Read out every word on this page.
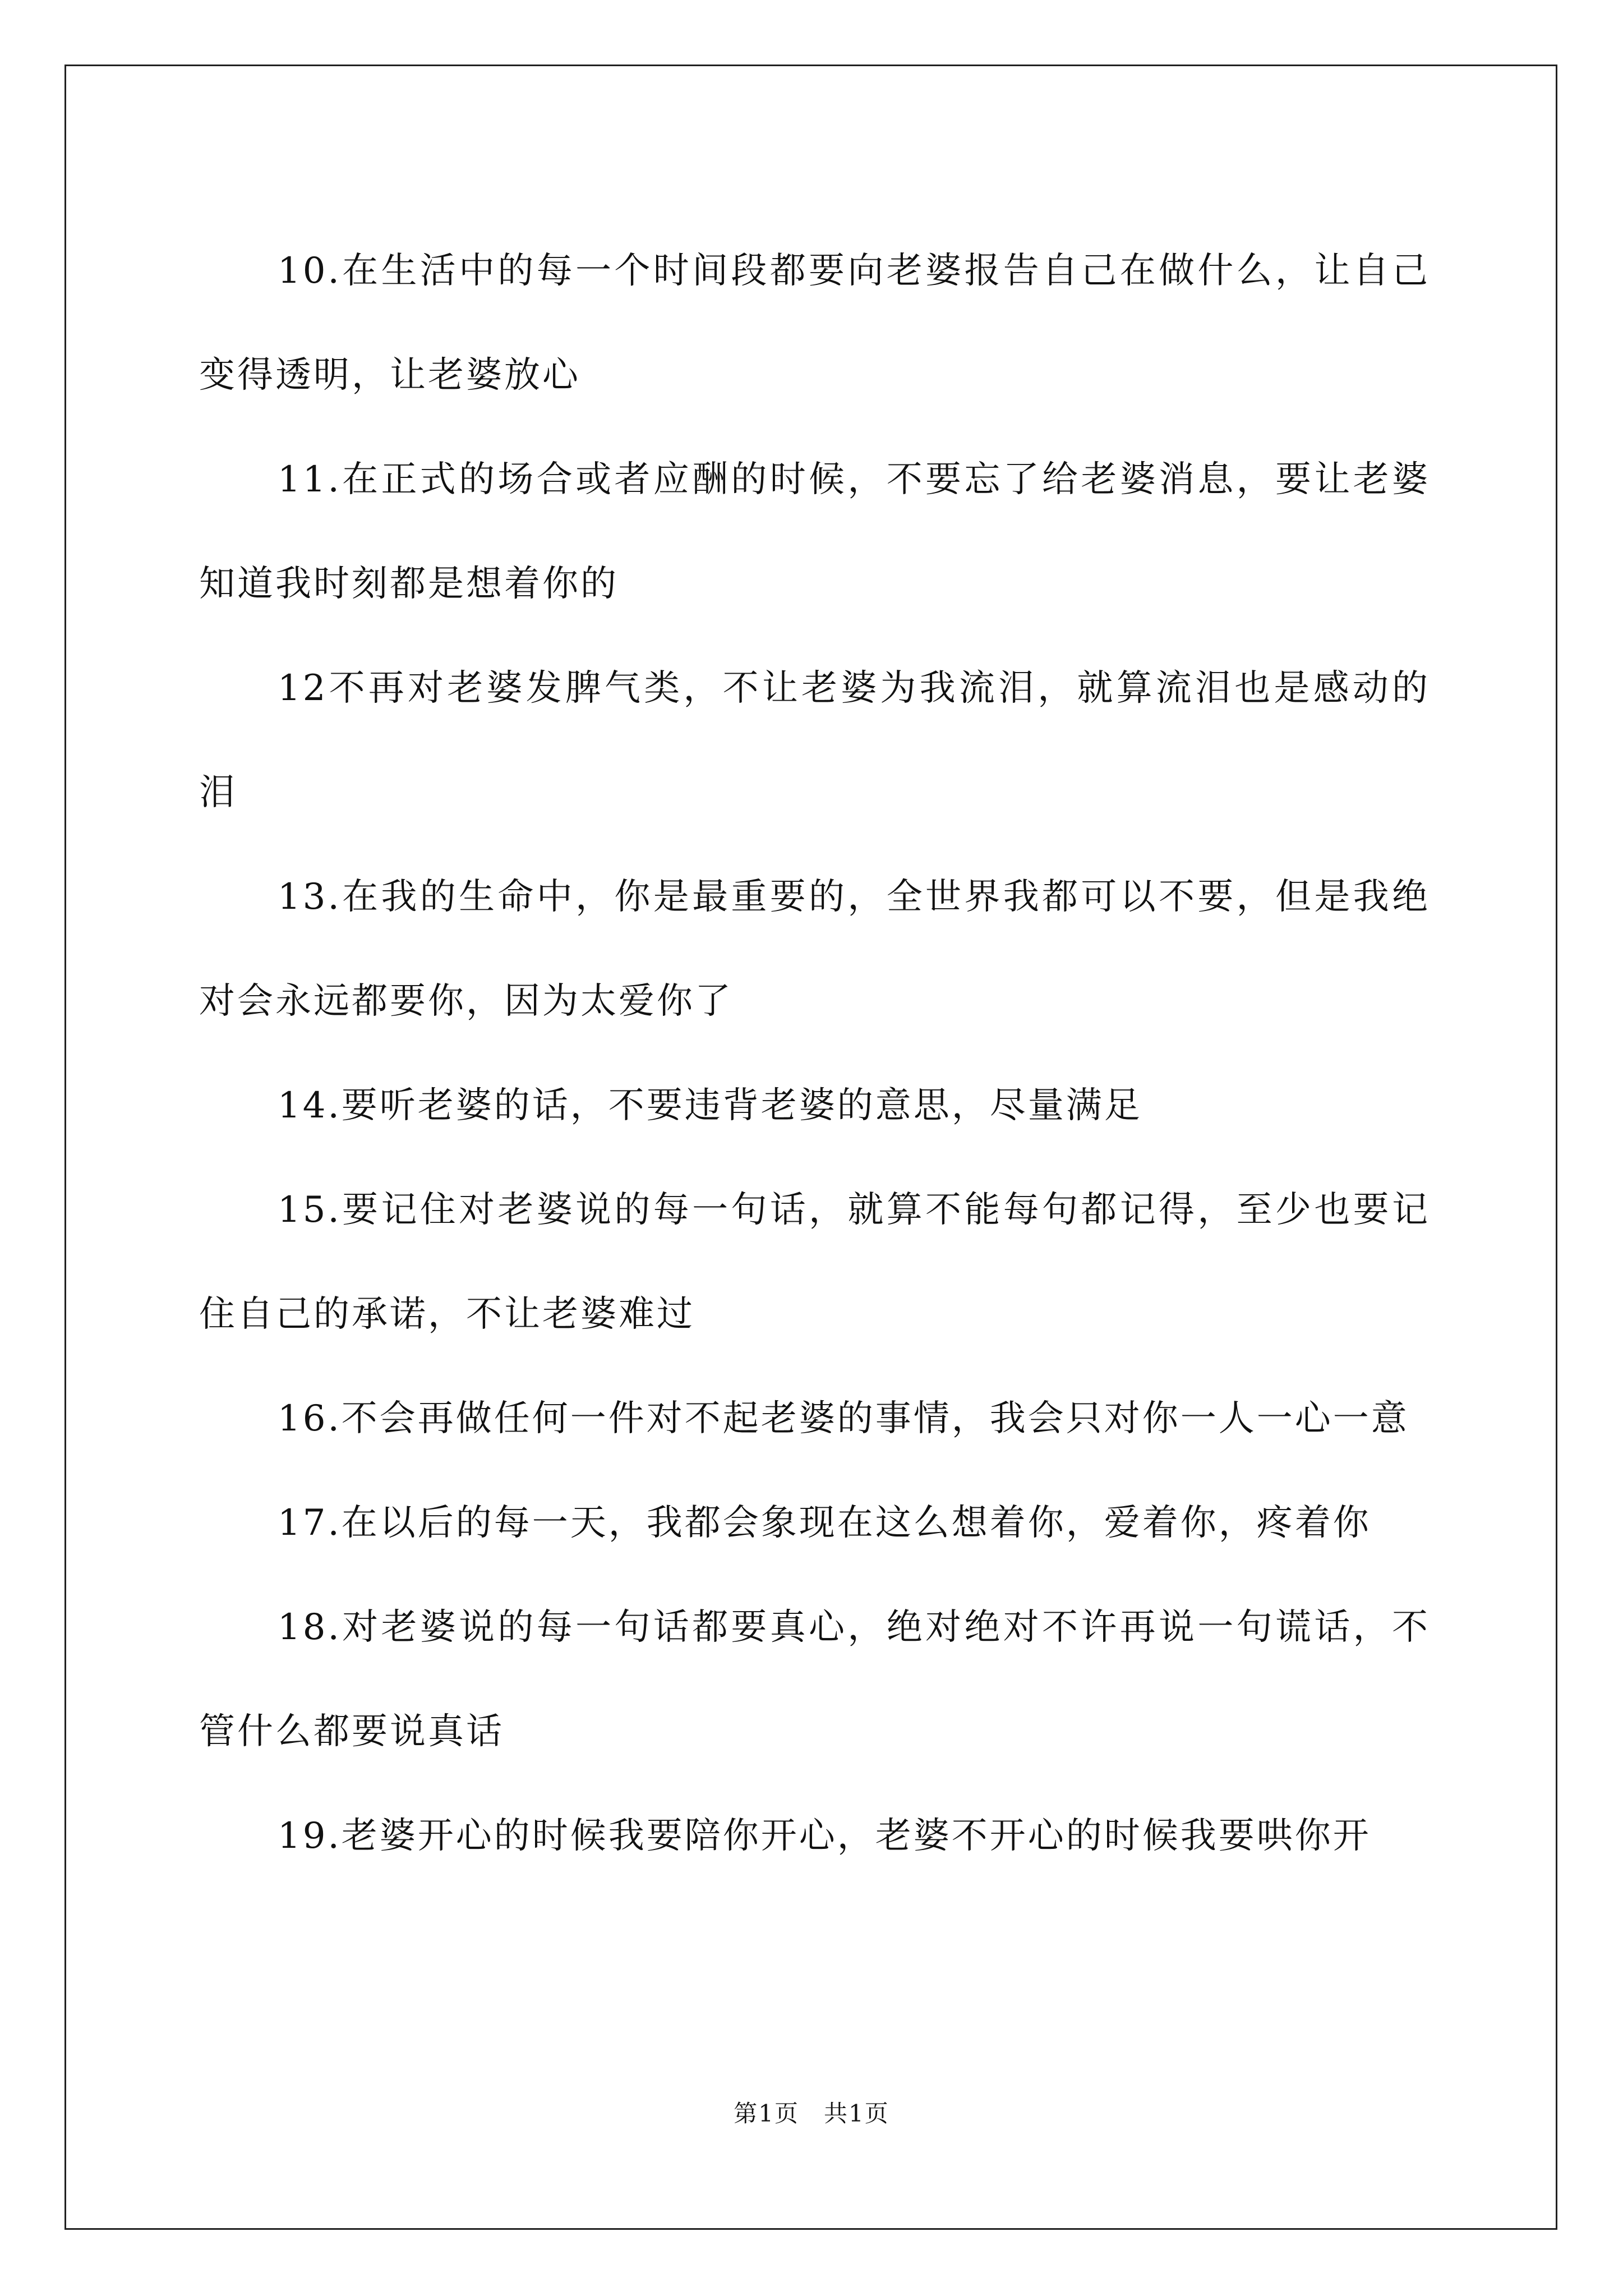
10.在生活中的每一个时间段都要向老婆报告自己在做什么，让自己变得透明，让老婆放心

11.在正式的场合或者应酬的时候，不要忘了给老婆消息，要让老婆知道我时刻都是想着你的

12不再对老婆发脾气类，不让老婆为我流泪，就算流泪也是感动的泪

13.在我的生命中，你是最重要的，全世界我都可以不要，但是我绝对会永远都要你，因为太爱你了

14.要听老婆的话，不要违背老婆的意思，尽量满足

15.要记住对老婆说的每一句话，就算不能每句都记得，至少也要记住自己的承诺，不让老婆难过

16.不会再做任何一件对不起老婆的事情，我会只对你一人一心一意

17.在以后的每一天，我都会象现在这么想着你，爱着你，疼着你

18.对老婆说的每一句话都要真心，绝对绝对不许再说一句谎话，不管什么都要说真话

19.老婆开心的时候我要陪你开心，老婆不开心的时候我要哄你开

第1页　共1页
